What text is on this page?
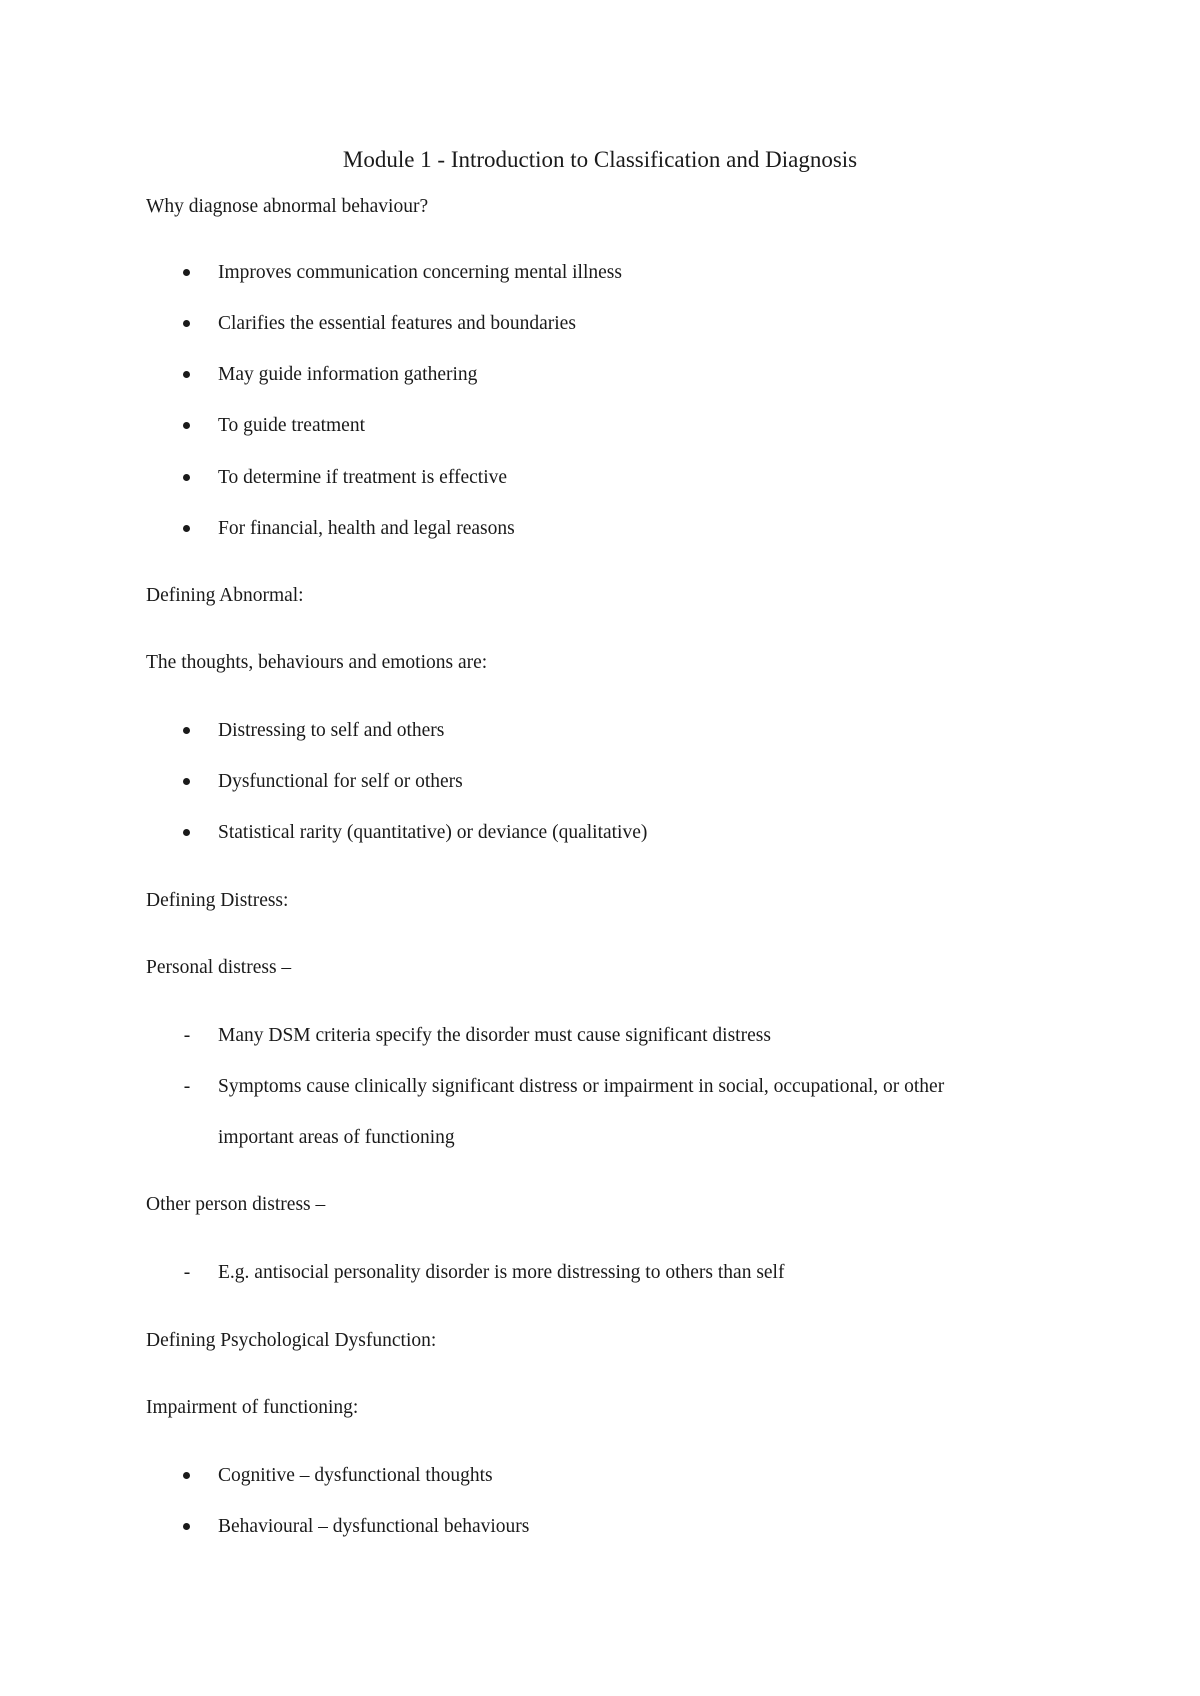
Module 1 - Introduction to Classification and Diagnosis
Why diagnose abnormal behaviour?
Improves communication concerning mental illness
Clarifies the essential features and boundaries
May guide information gathering
To guide treatment
To determine if treatment is effective
For financial, health and legal reasons
Defining Abnormal:
The thoughts, behaviours and emotions are:
Distressing to self and others
Dysfunctional for self or others
Statistical rarity (quantitative) or deviance (qualitative)
Defining Distress:
Personal distress –
- Many DSM criteria specify the disorder must cause significant distress
- Symptoms cause clinically significant distress or impairment in social, occupational, or other
important areas of functioning
Other person distress –
- E.g. antisocial personality disorder is more distressing to others than self
Defining Psychological Dysfunction:
Impairment of functioning:
Cognitive – dysfunctional thoughts
Behavioural – dysfunctional behaviours
